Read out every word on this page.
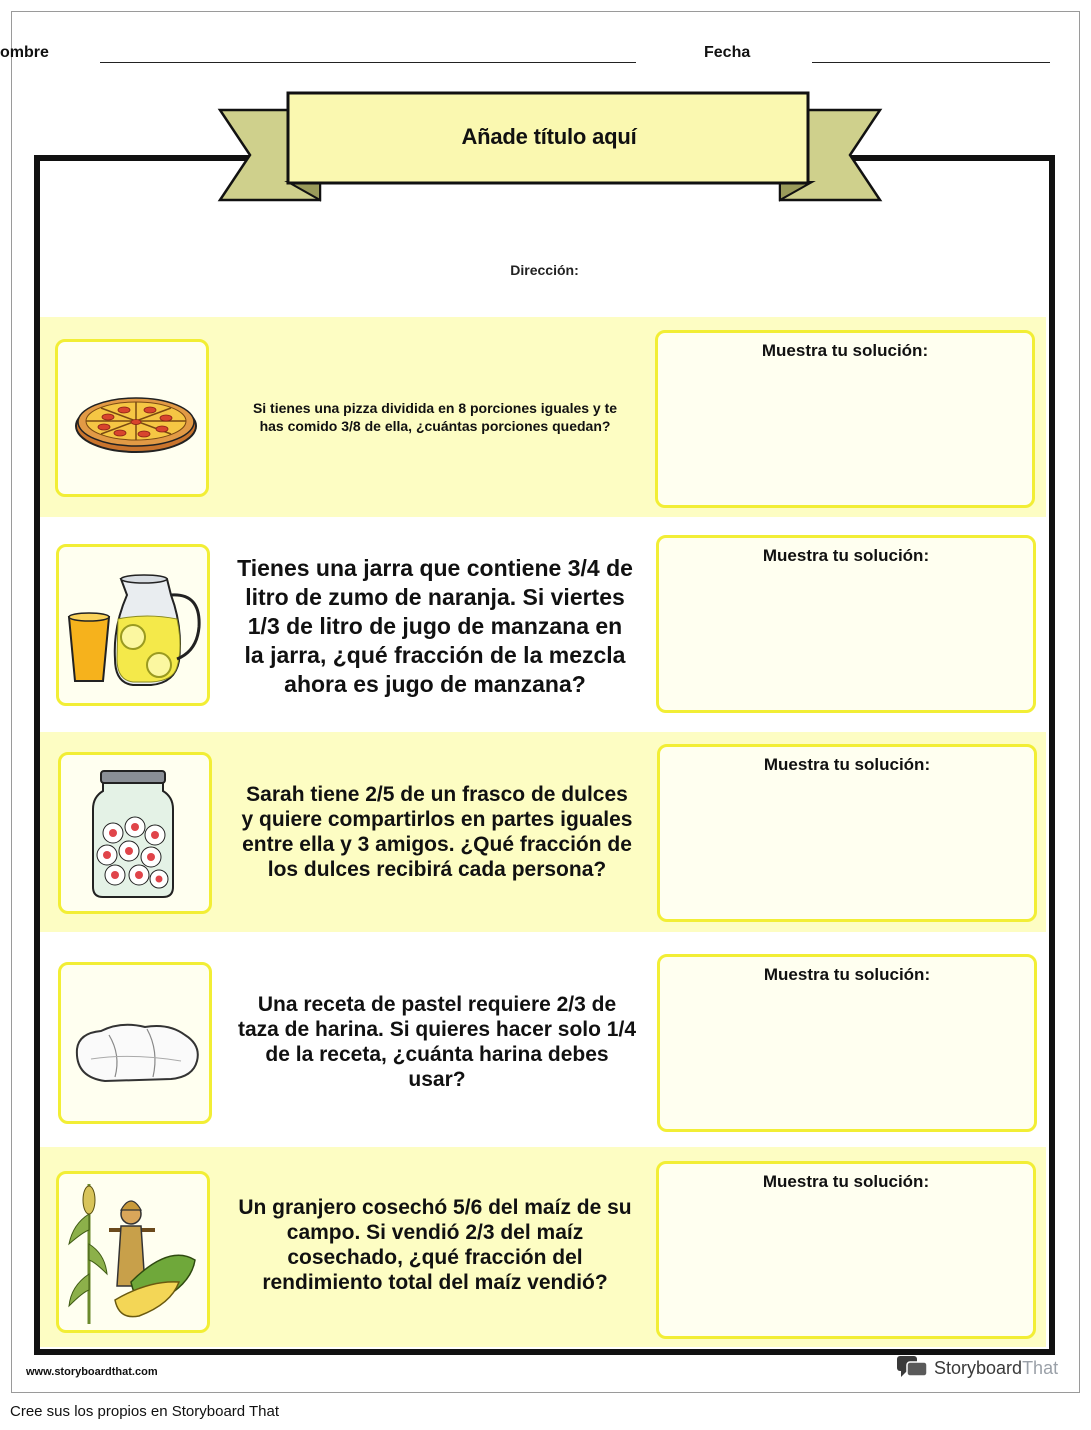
ombre	Fecha
Añade título aquí
Dirección:
Si tienes una pizza dividida en 8 porciones iguales y te has comido 3/8 de ella, ¿cuántas porciones quedan?
Muestra tu solución:
Tienes una jarra que contiene 3/4 de litro de zumo de naranja. Si viertes 1/3 de litro de jugo de manzana en la jarra, ¿qué fracción de la mezcla ahora es jugo de manzana?
Muestra tu solución:
Sarah tiene 2/5 de un frasco de dulces y quiere compartirlos en partes iguales entre ella y 3 amigos. ¿Qué fracción de los dulces recibirá cada persona?
Muestra tu solución:
Una receta de pastel requiere 2/3 de taza de harina. Si quieres hacer solo 1/4 de la receta, ¿cuánta harina debes usar?
Muestra tu solución:
Un granjero cosechó 5/6 del maíz de su campo. Si vendió 2/3 del maíz cosechado, ¿qué fracción del rendimiento total del maíz vendió?
Muestra tu solución:
www.storyboardthat.com	StoryboardThat
Cree sus los propios en Storyboard That
